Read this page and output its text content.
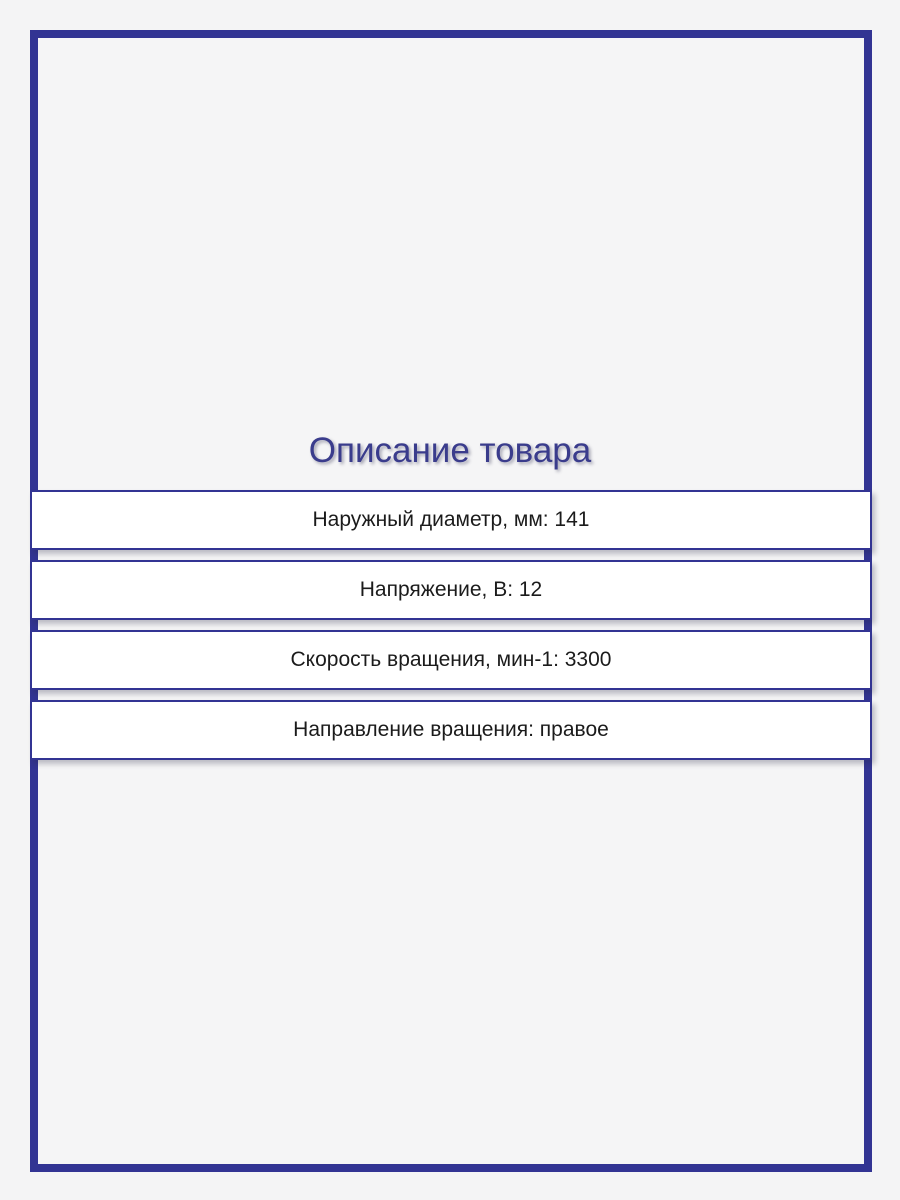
Описание товара
Наружный диаметр, мм: 141
Напряжение, В: 12
Скорость вращения, мин-1: 3300
Направление вращения: правое
